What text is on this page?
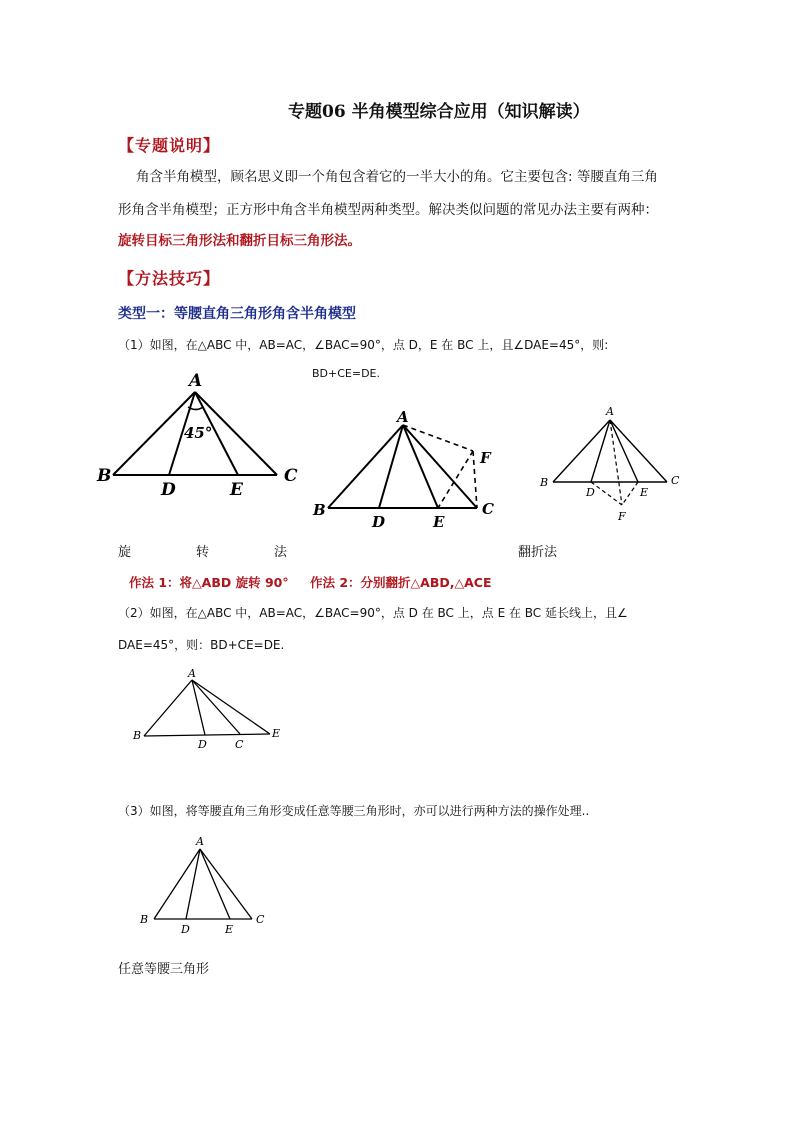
专题06 半角模型综合应用（知识解读）
【专题说明】
角含半角模型，顾名思义即一个角包含着它的一半大小的角。它主要包含: 等腰直角三角
形角含半角模型；正方形中角含半角模型两种类型。解决类似问题的常见办法主要有两种：
旋转目标三角形法和翻折目标三角形法。
【方法技巧】
类型一：等腰直角三角形角含半角模型
（1）如图，在△ABC 中，AB=AC，∠BAC=90°，点 D，E 在 BC 上，且∠DAE=45°，则:
BD+CE=DE.
A
B	C
D	E
45°
A
B	C
D	E
F
A
B	C
D	E
F
旋　　　　　转　　　　　法	翻折法
作法 1：将△ABD 旋转 90° 作法 2：分别翻折△ABD,△ACE
（2）如图，在△ABC 中，AB=AC，∠BAC=90°，点 D 在 BC 上，点 E 在 BC 延长线上，且∠
DAE=45°，则：BD+CE=DE.
A
B
D	C
E
（3）如图，将等腰直角三角形变成任意等腰三角形时，亦可以进行两种方法的操作处理..
A
B	C
D	E
任意等腰三角形
